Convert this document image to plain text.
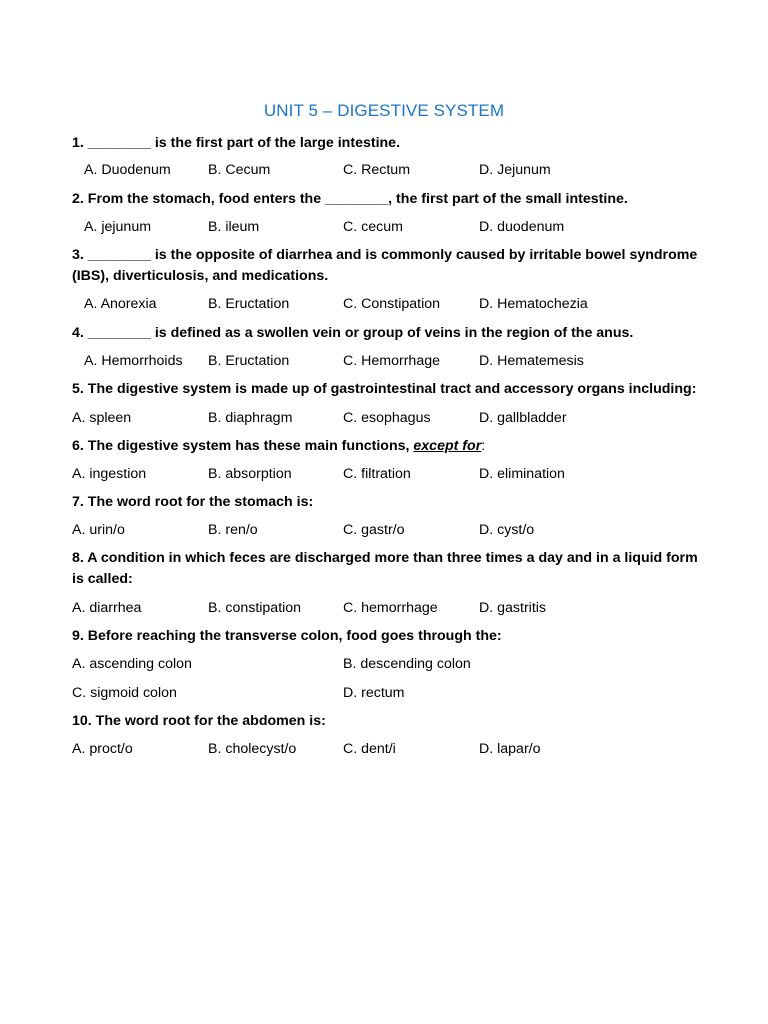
UNIT 5 – DIGESTIVE SYSTEM
1. ________ is the first part of the large intestine.
A. Duodenum	B. Cecum	C. Rectum	D. Jejunum
2. From the stomach, food enters the ________, the first part of the small intestine.
A. jejunum	B. ileum	C. cecum	D. duodenum
3. ________ is the opposite of diarrhea and is commonly caused by irritable bowel syndrome
(IBS), diverticulosis, and medications.
A. Anorexia	B. Eructation	C. Constipation	D. Hematochezia
4. ________ is defined as a swollen vein or group of veins in the region of the anus.
A. Hemorrhoids B. Eructation	C. Hemorrhage	D. Hematemesis
5. The digestive system is made up of gastrointestinal tract and accessory organs including:
A. spleen	B. diaphragm	C. esophagus	D. gallbladder
6. The digestive system has these main functions, except for:
A. ingestion	B. absorption	C. filtration	D. elimination
7. The word root for the stomach is:
A. urin/o	B. ren/o	C. gastr/o	D. cyst/o
8. A condition in which feces are discharged more than three times a day and in a liquid form
is called:
A. diarrhea	B. constipation	C. hemorrhage	D. gastritis
9. Before reaching the transverse colon, food goes through the:
A. ascending colon	B. descending colon
C. sigmoid colon	D. rectum
10. The word root for the abdomen is:
A. proct/o	B. cholecyst/o	C. dent/i	D. lapar/o
